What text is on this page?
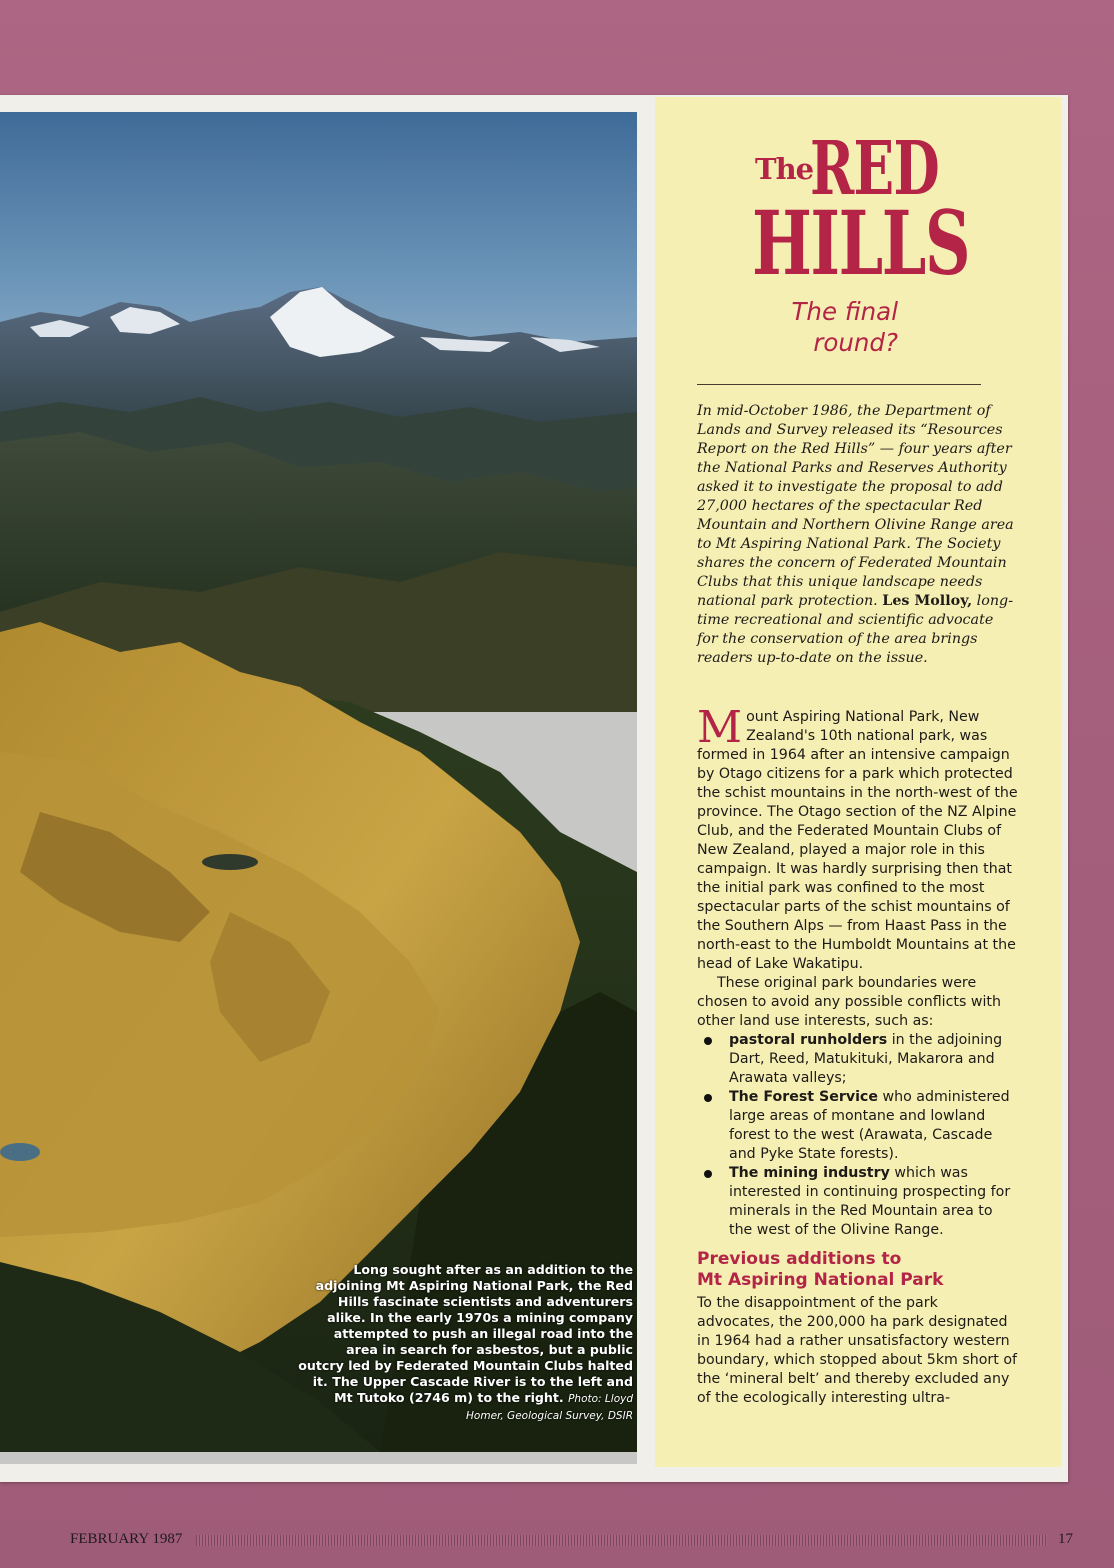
Long sought after as an addition to the adjoining Mt Aspiring National Park, the Red Hills fascinate scientists and adventurers alike. In the early 1970s a mining company attempted to push an illegal road into the area in search for asbestos, but a public outcry led by Federated Mountain Clubs halted it. The Upper Cascade River is to the left and Mt Tutoko (2746 m) to the right. Photo: Lloyd Homer, Geological Survey, DSIR
The
RED
HILLS
The final
round?
In mid-October 1986, the Department of Lands and Survey released its “Resources Report on the Red Hills” — four years after the National Parks and Reserves Authority asked it to investigate the proposal to add 27,000 hectares of the spectacular Red Mountain and Northern Olivine Range area to Mt Aspiring National Park. The Society shares the concern of Federated Mountain Clubs that this unique landscape needs national park protection. Les Molloy, long-time recreational and scientific advocate for the conservation of the area brings readers up-to-date on the issue.

Mount Aspiring National Park, New Zealand's 10th national park, was formed in 1964 after an intensive campaign by Otago citizens for a park which protected the schist mountains in the north-west of the province. The Otago section of the NZ Alpine Club, and the Federated Mountain Clubs of New Zealand, played a major role in this campaign. It was hardly surprising then that the initial park was confined to the most spectacular parts of the schist mountains of the Southern Alps — from Haast Pass in the north-east to the Humboldt Mountains at the head of Lake Wakatipu.

These original park boundaries were chosen to avoid any possible conflicts with other land use interests, such as:

pastoral runholders in the adjoining Dart, Reed, Matukituki, Makarora and Arawata valleys;
The Forest Service who administered large areas of montane and lowland forest to the west (Arawata, Cascade and Pyke State forests).
The mining industry which was interested in continuing prospecting for minerals in the Red Mountain area to the west of the Olivine Range.
Previous additions to
Mt Aspiring National Park

To the disappointment of the park advocates, the 200,000 ha park designated in 1964 had a rather unsatisfactory western boundary, which stopped about 5km short of the ‘mineral belt’ and thereby excluded any of the ecologically interesting ultra-

FEBRUARY 1987	17
